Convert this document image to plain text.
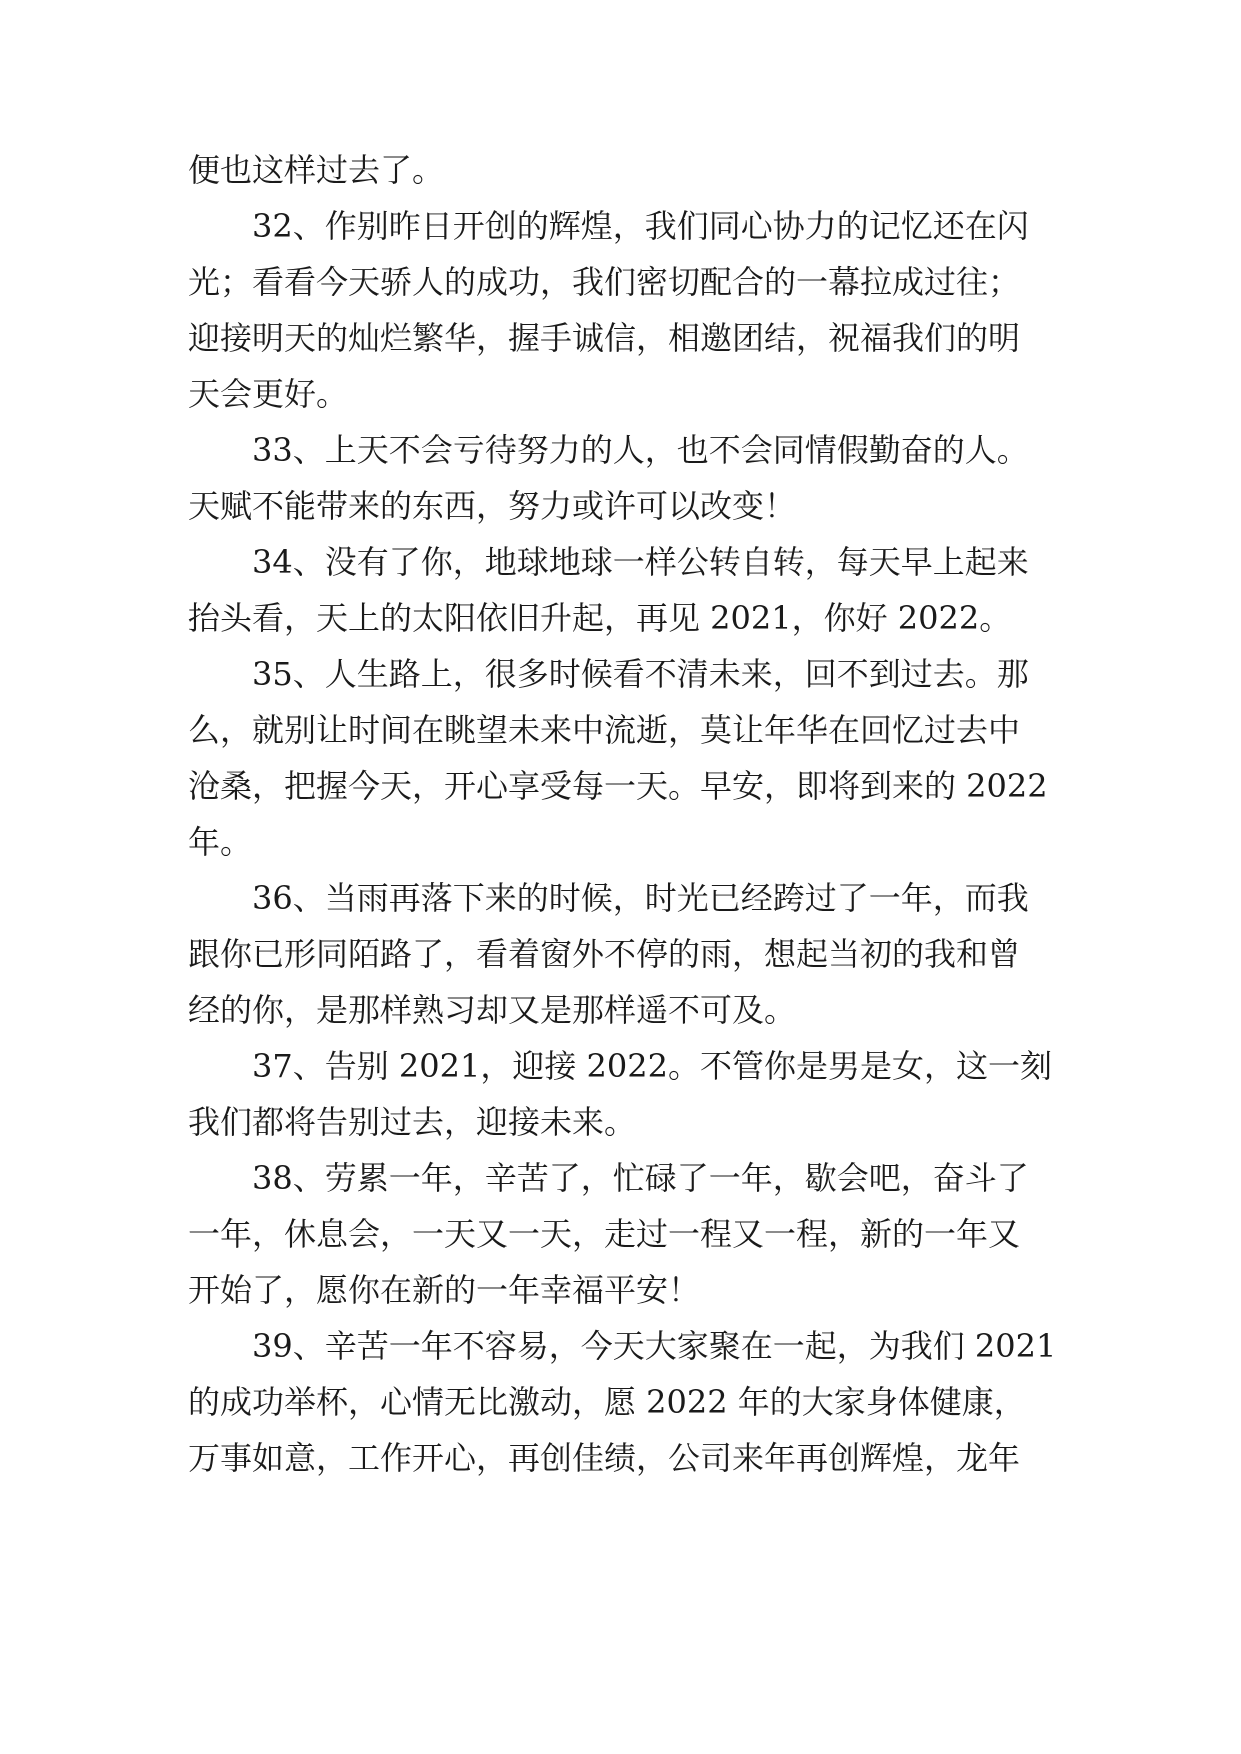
便也这样过去了。
32、作别昨日开创的辉煌，我们同心协力的记忆还在闪
光；看看今天骄人的成功，我们密切配合的一幕拉成过往；
迎接明天的灿烂繁华，握手诚信，相邀团结，祝福我们的明
天会更好。
33、上天不会亏待努力的人，也不会同情假勤奋的人。
天赋不能带来的东西，努力或许可以改变！
34、没有了你，地球地球一样公转自转，每天早上起来
抬头看，天上的太阳依旧升起，再见 2021，你好 2022。
35、人生路上，很多时候看不清未来，回不到过去。那
么，就别让时间在眺望未来中流逝，莫让年华在回忆过去中
沧桑，把握今天，开心享受每一天。早安，即将到来的 2022
年。
36、当雨再落下来的时候，时光已经跨过了一年，而我
跟你已形同陌路了，看着窗外不停的雨，想起当初的我和曾
经的你，是那样熟习却又是那样遥不可及。
37、告别 2021，迎接 2022。不管你是男是女，这一刻
我们都将告别过去，迎接未来。
38、劳累一年，辛苦了，忙碌了一年，歇会吧，奋斗了
一年，休息会，一天又一天，走过一程又一程，新的一年又
开始了，愿你在新的一年幸福平安！
39、辛苦一年不容易，今天大家聚在一起，为我们 2021
的成功举杯，心情无比激动，愿 2022 年的大家身体健康，
万事如意，工作开心，再创佳绩，公司来年再创辉煌，龙年
